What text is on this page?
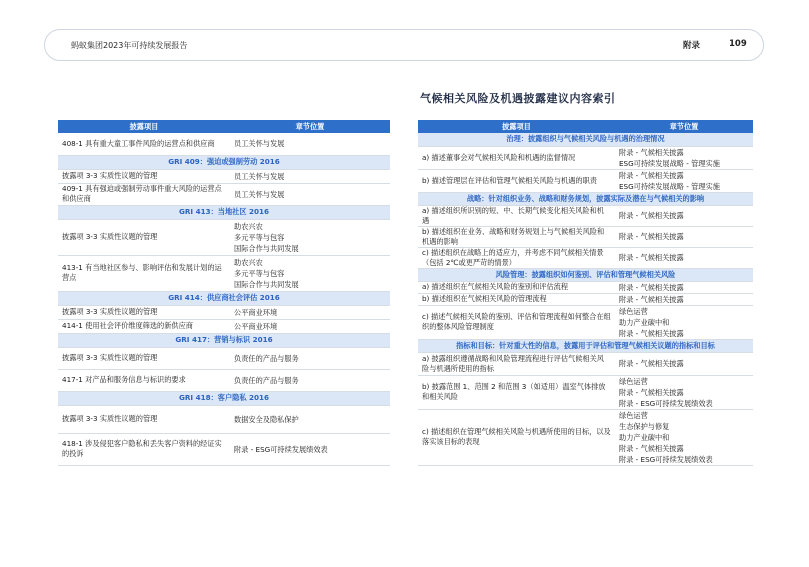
蚂蚁集团2023年可持续发展报告	附录	109
气候相关风险及机遇披露建议内容索引
披露项目	章节位置
408-1 具有重大童工事件风险的运营点和供应商	员工关怀与发展

GRI 409：强迫或强制劳动 2016	
披露项 3-3 实质性议题的管理	员工关怀与发展

409-1 具有强迫或强制劳动事件重大风险的运营点和供应商	员工关怀与发展

GRI 413：当地社区 2016	
披露项 3-3 实质性议题的管理	助农兴农
多元平等与包容
国际合作与共同发展

413-1 有当地社区参与、影响评估和发展计划的运营点	助农兴农
多元平等与包容
国际合作与共同发展

GRI 414：供应商社会评估 2016	
披露项 3-3 实质性议题的管理	公平商业环境

414-1 使用社会评价维度筛选的新供应商	公平商业环境

GRI 417：营销与标识 2016	
披露项 3-3 实质性议题的管理	负责任的产品与服务

417-1 对产品和服务信息与标识的要求	负责任的产品与服务

GRI 418：客户隐私 2016	
披露项 3-3 实质性议题的管理	数据安全及隐私保护

418-1 涉及侵犯客户隐私和丢失客户资料的经证实的投诉	附录 - ESG可持续发展绩效表
披露项目	章节位置
治理：披露组织与气候相关风险与机遇的治理情况	
a) 描述董事会对气候相关风险和机遇的监督情况	附录 - 气候相关披露
ESG可持续发展战略 - 管理实施

b) 描述管理层在评估和管理气候相关风险与机遇的职责	附录 - 气候相关披露
ESG可持续发展战略 - 管理实施

战略：针对组织业务、战略和财务规划，披露实际及潜在与气候相关的影响	
a) 描述组织所识别的短、中、长期气候变化相关风险和机遇	附录 - 气候相关披露

b) 描述组织在业务、战略和财务规划上与气候相关风险和机遇的影响	附录 - 气候相关披露

c) 描述组织在战略上的适应力，并考虑不同气候相关情景（包括 2℃或更严苛的情景）	附录 - 气候相关披露

风险管理：披露组织如何鉴别、评估和管理气候相关风险	
a) 描述组织在气候相关风险的鉴别和评估流程	附录 - 气候相关披露

b) 描述组织在气候相关风险的管理流程	附录 - 气候相关披露

c) 描述气候相关风险的鉴别、评估和管理流程如何整合在组织的整体风险管理制度	绿色运营
助力产业碳中和
附录 - 气候相关披露

指标和目标：针对重大性的信息，披露用于评估和管理气候相关议题的指标和目标	
a) 披露组织遵循战略和风险管理流程进行评估气候相关风险与机遇所使用的指标	附录 - 气候相关披露

b) 披露范围 1、范围 2 和范围 3（如适用）温室气体排放和相关风险	绿色运营
附录 - 气候相关披露
附录 - ESG可持续发展绩效表

c) 描述组织在管理气候相关风险与机遇所使用的目标，以及落实该目标的表现	绿色运营
生态保护与修复
助力产业碳中和
附录 - 气候相关披露
附录 - ESG可持续发展绩效表
